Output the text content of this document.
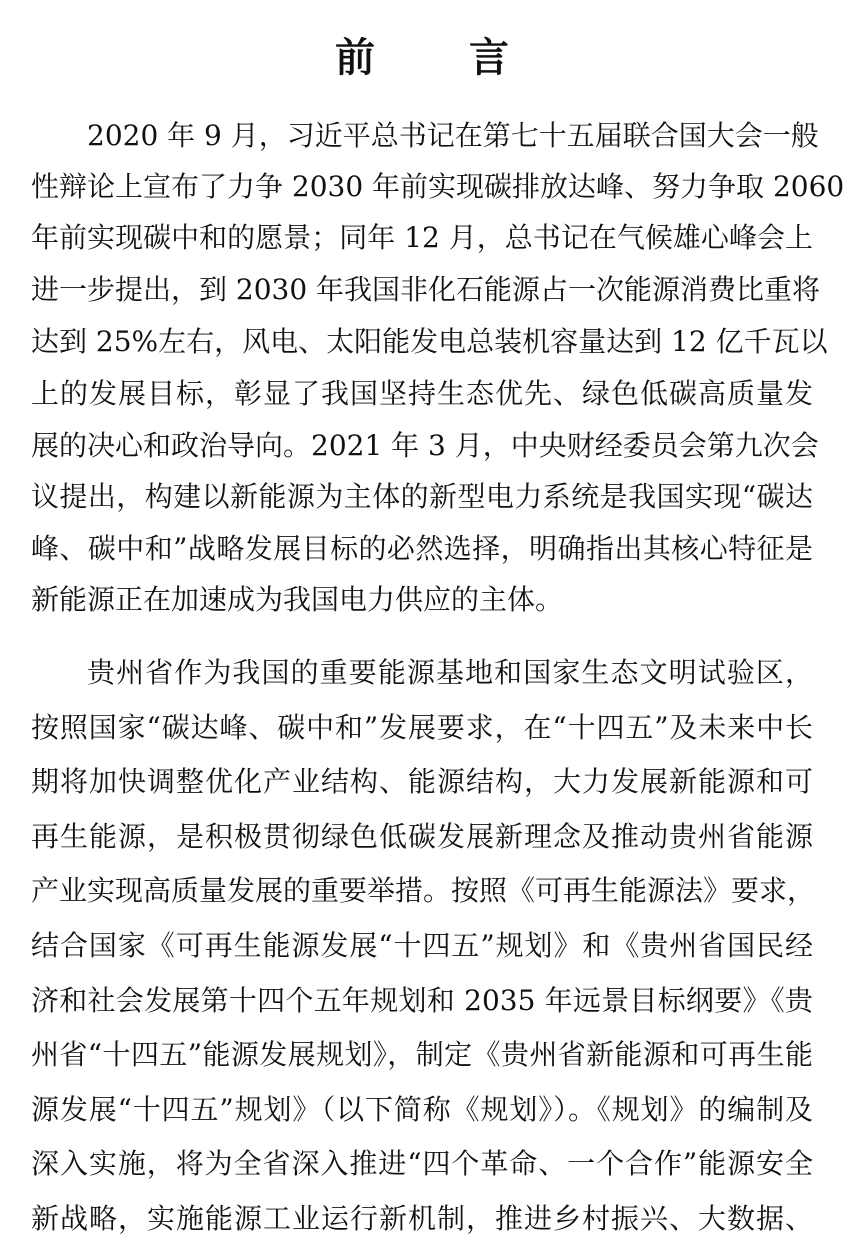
前 言

2020 年 9 月，习近平总书记在第七十五届联合国大会一般

性辩论上宣布了力争 2030 年前实现碳排放达峰、努力争取 2060

年前实现碳中和的愿景；同年 12 月，总书记在气候雄心峰会上

进一步提出，到 2030 年我国非化石能源占一次能源消费比重将

达到 25%左右，风电、太阳能发电总装机容量达到 12 亿千瓦以

上的发展目标，彰显了我国坚持生态优先、绿色低碳高质量发

展的决心和政治导向。2021 年 3 月，中央财经委员会第九次会

议提出，构建以新能源为主体的新型电力系统是我国实现“碳达

峰、碳中和”战略发展目标的必然选择，明确指出其核心特征是

新能源正在加速成为我国电力供应的主体。

贵州省作为我国的重要能源基地和国家生态文明试验区，

按照国家“碳达峰、碳中和”发展要求，在“十四五”及未来中长

期将加快调整优化产业结构、能源结构，大力发展新能源和可

再生能源，是积极贯彻绿色低碳发展新理念及推动贵州省能源

产业实现高质量发展的重要举措。按照《可再生能源法》要求，

结合国家《可再生能源发展“十四五”规划》和《贵州省国民经

济和社会发展第十四个五年规划和 2035 年远景目标纲要》《贵

州省“十四五”能源发展规划》，制定《贵州省新能源和可再生能

源发展“十四五”规划》（以下简称《规划》）。《规划》的编制及

深入实施，将为全省深入推进“四个革命、一个合作”能源安全

新战略，实施能源工业运行新机制，推进乡村振兴、大数据、
